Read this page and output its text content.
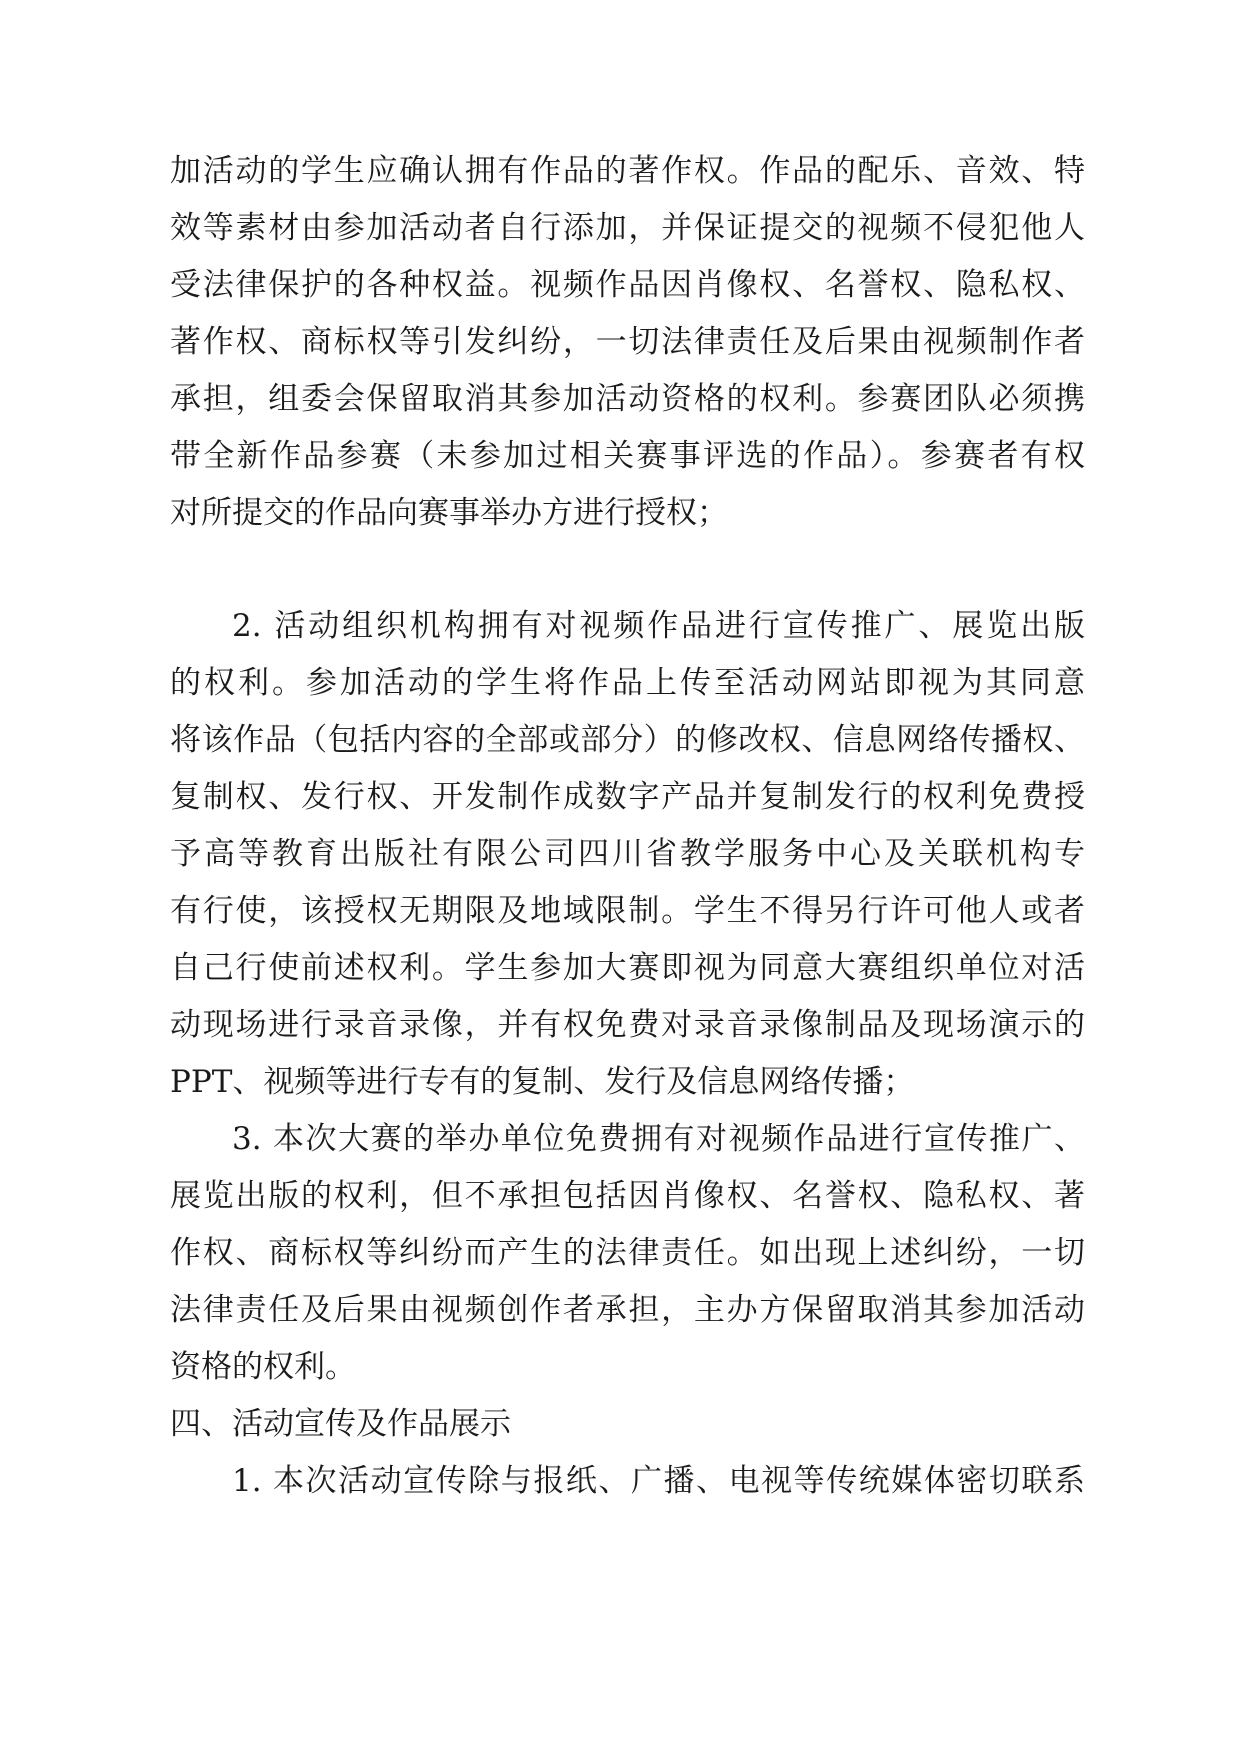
加活动的学生应确认拥有作品的著作权。作品的配乐、音效、特
效等素材由参加活动者自行添加，并保证提交的视频不侵犯他人
受法律保护的各种权益。视频作品因肖像权、名誉权、隐私权、
著作权、商标权等引发纠纷，一切法律责任及后果由视频制作者
承担，组委会保留取消其参加活动资格的权利。参赛团队必须携
带全新作品参赛（未参加过相关赛事评选的作品）。参赛者有权
对所提交的作品向赛事举办方进行授权；
2. 活动组织机构拥有对视频作品进行宣传推广、展览出版
的权利。参加活动的学生将作品上传至活动网站即视为其同意
将该作品（包括内容的全部或部分）的修改权、信息网络传播权、
复制权、发行权、开发制作成数字产品并复制发行的权利免费授
予高等教育出版社有限公司四川省教学服务中心及关联机构专
有行使，该授权无期限及地域限制。学生不得另行许可他人或者
自己行使前述权利。学生参加大赛即视为同意大赛组织单位对活
动现场进行录音录像，并有权免费对录音录像制品及现场演示的
PPT、视频等进行专有的复制、发行及信息网络传播；
3. 本次大赛的举办单位免费拥有对视频作品进行宣传推广、
展览出版的权利，但不承担包括因肖像权、名誉权、隐私权、著
作权、商标权等纠纷而产生的法律责任。如出现上述纠纷，一切
法律责任及后果由视频创作者承担，主办方保留取消其参加活动
资格的权利。
四、活动宣传及作品展示
1. 本次活动宣传除与报纸、广播、电视等传统媒体密切联系
